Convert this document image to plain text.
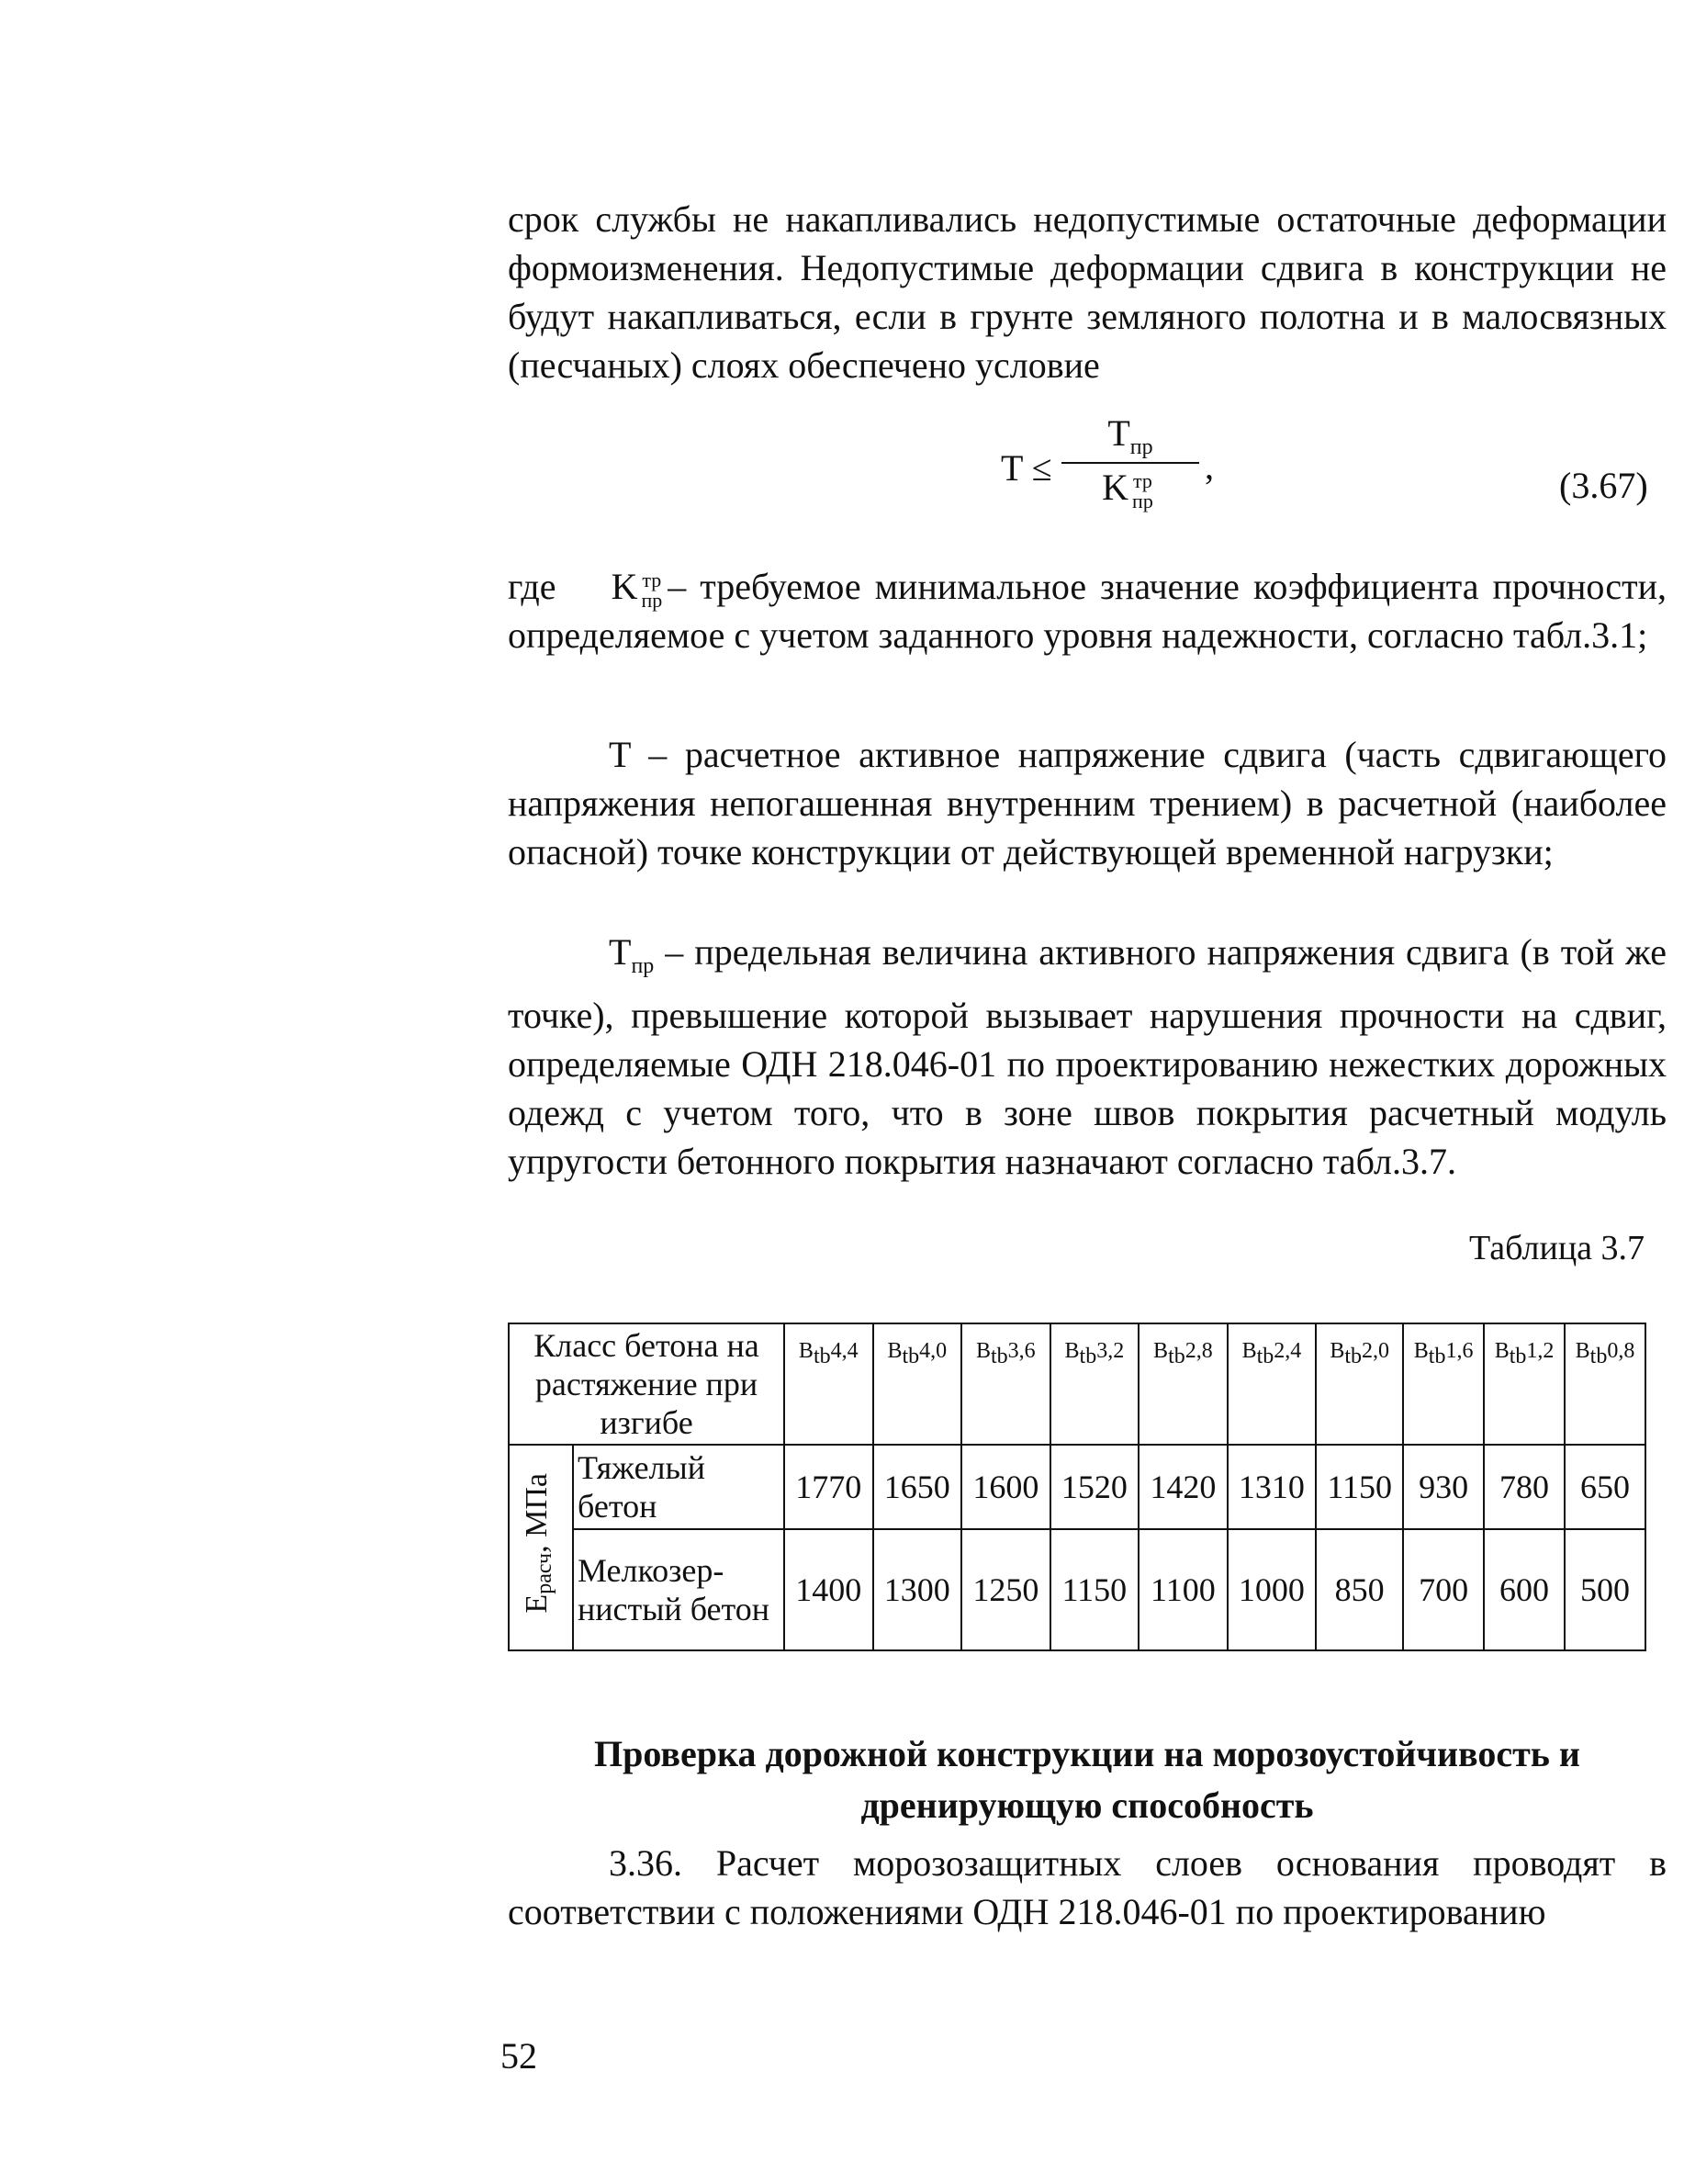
срок службы не накапливались недопустимые остаточные деформации формоизменения. Недопустимые деформации сдвига в конструкции не будут накапливаться, если в грунте земляного полотна и в малосвязных (песчаных) слоях обеспечено условие

T ≤
$T_{пр}$
K тр
пр
,	(3.67)

где K тр
пр – требуемое минимальное значение коэффициента прочности, определяемое с учетом заданного уровня надежности, согласно табл.3.1;

T – расчетное активное напряжение сдвига (часть сдвигающего напряжения непогашенная внутренним трением) в расчетной (наиболее опасной) точке конструкции от действующей временной нагрузки;

$T_{пр}$ – предельная величина активного напряжения сдвига (в той же точке), превышение которой вызывает нарушения прочности на сдвиг, определяемые ОДН 218.046-01 по проектированию нежестких дорожных одежд с учетом того, что в зоне швов покрытия расчетный модуль упругости бетонного покрытия назначают согласно табл.3.7.

Таблица 3.7
Класс бетона на растяжение при изгибе		$B_{tb}4,4$	$B_{tb}4,0$	$B_{tb}3,6$	$B_{tb}3,2$	$B_{tb}2,8$	$B_{tb}2,4$	$B_{tb}2,0$	$B_{tb}1,6$	$B_{tb}1,2$	$B_{tb}0,8$
$E_{расч}$, МПа	Тяжелый бетон	1770	1650	1600	1520	1420	1310	1150	930	780	650
	Мелкозер-нистый бетон	1400	1300	1250	1150	1100	1000	850	700	600	500
Проверка дорожной конструкции на морозоустойчивость и дренирующую способность

3.36. Расчет морозозащитных слоев основания проводят в соответствии с положениями ОДН 218.046-01 по проектированию

52
